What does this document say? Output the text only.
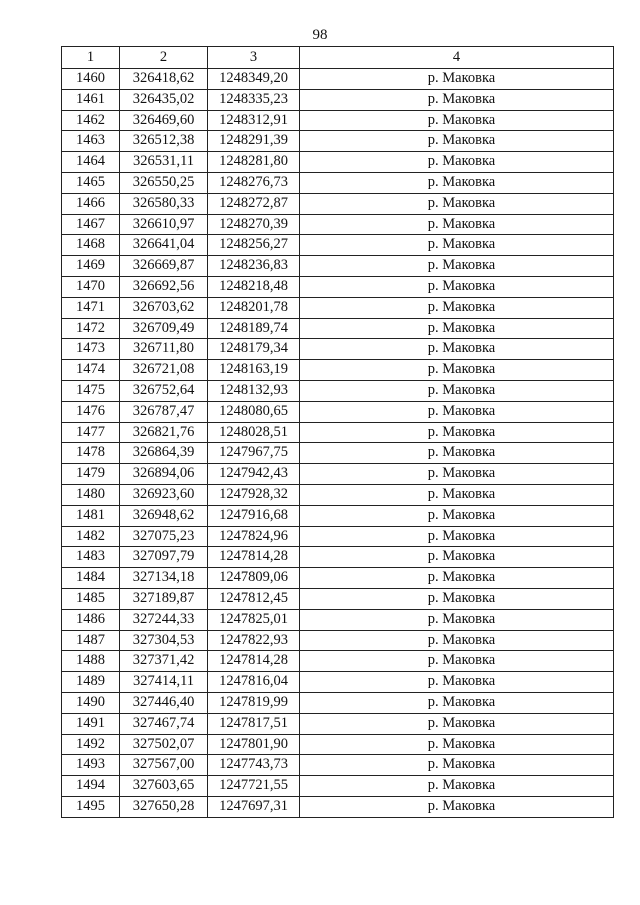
98
1	2	3	4
1460	326418,62	1248349,20	р. Маковка
1461	326435,02	1248335,23	р. Маковка
1462	326469,60	1248312,91	р. Маковка
1463	326512,38	1248291,39	р. Маковка
1464	326531,11	1248281,80	р. Маковка
1465	326550,25	1248276,73	р. Маковка
1466	326580,33	1248272,87	р. Маковка
1467	326610,97	1248270,39	р. Маковка
1468	326641,04	1248256,27	р. Маковка
1469	326669,87	1248236,83	р. Маковка
1470	326692,56	1248218,48	р. Маковка
1471	326703,62	1248201,78	р. Маковка
1472	326709,49	1248189,74	р. Маковка
1473	326711,80	1248179,34	р. Маковка
1474	326721,08	1248163,19	р. Маковка
1475	326752,64	1248132,93	р. Маковка
1476	326787,47	1248080,65	р. Маковка
1477	326821,76	1248028,51	р. Маковка
1478	326864,39	1247967,75	р. Маковка
1479	326894,06	1247942,43	р. Маковка
1480	326923,60	1247928,32	р. Маковка
1481	326948,62	1247916,68	р. Маковка
1482	327075,23	1247824,96	р. Маковка
1483	327097,79	1247814,28	р. Маковка
1484	327134,18	1247809,06	р. Маковка
1485	327189,87	1247812,45	р. Маковка
1486	327244,33	1247825,01	р. Маковка
1487	327304,53	1247822,93	р. Маковка
1488	327371,42	1247814,28	р. Маковка
1489	327414,11	1247816,04	р. Маковка
1490	327446,40	1247819,99	р. Маковка
1491	327467,74	1247817,51	р. Маковка
1492	327502,07	1247801,90	р. Маковка
1493	327567,00	1247743,73	р. Маковка
1494	327603,65	1247721,55	р. Маковка
1495	327650,28	1247697,31	р. Маковка
